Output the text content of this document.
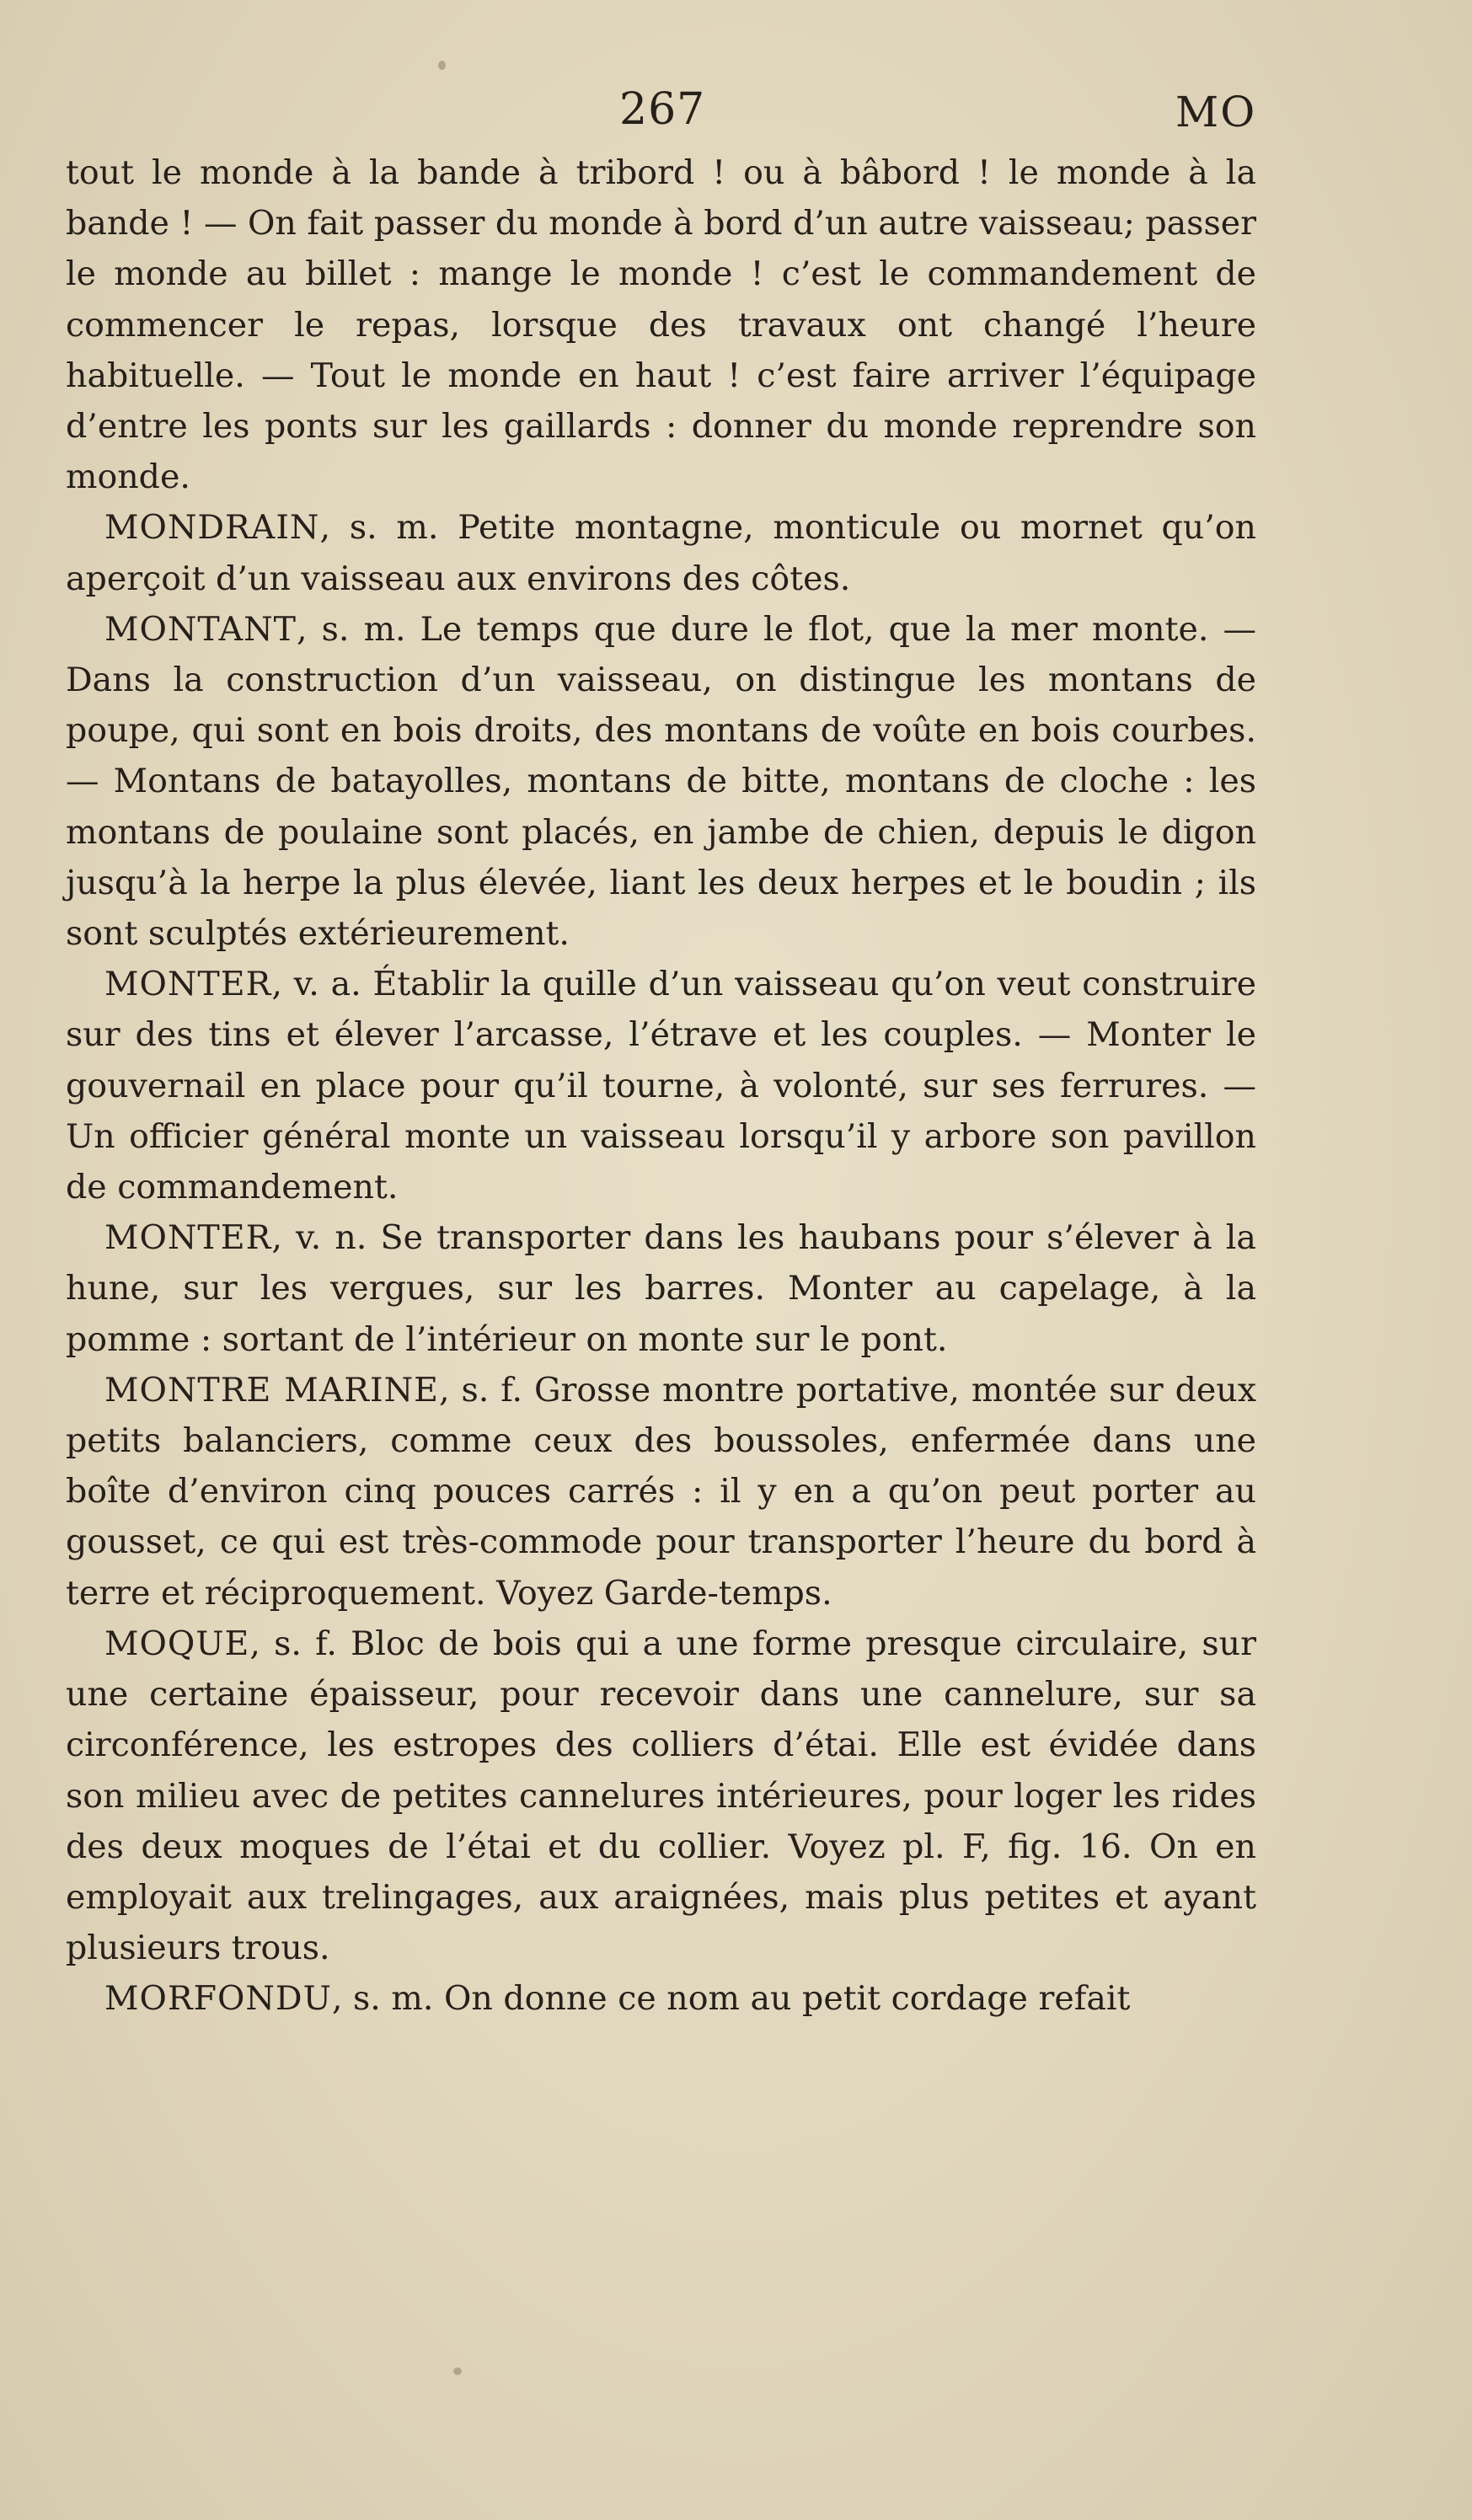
267	MO

tout le monde à la bande à tribord ! ou à bâbord ! le monde à la bande ! — On fait passer du monde à bord d’un autre vaisseau; passer le monde au billet : mange le monde ! c’est le commandement de commencer le repas, lorsque des travaux ont changé l’heure habituelle. — Tout le monde en haut ! c’est faire arriver l’équipage d’entre les ponts sur les gaillards : donner du monde reprendre son monde.

MONDRAIN, s. m. Petite montagne, monticule ou mornet qu’on aperçoit d’un vaisseau aux environs des côtes.

MONTANT, s. m. Le temps que dure le flot, que la mer monte. — Dans la construction d’un vaisseau, on distingue les montans de poupe, qui sont en bois droits, des montans de voûte en bois courbes. — Montans de batayolles, montans de bitte, montans de cloche : les montans de poulaine sont placés, en jambe de chien, depuis le digon jusqu’à la herpe la plus élevée, liant les deux herpes et le boudin ; ils sont sculptés extérieurement.

MONTER, v. a. Établir la quille d’un vaisseau qu’on veut construire sur des tins et élever l’arcasse, l’étrave et les couples. — Monter le gouvernail en place pour qu’il tourne, à volonté, sur ses ferrures. — Un officier général monte un vaisseau lorsqu’il y arbore son pavillon de commandement.

MONTER, v. n. Se transporter dans les haubans pour s’élever à la hune, sur les vergues, sur les barres. Monter au capelage, à la pomme : sortant de l’intérieur on monte sur le pont.

MONTRE MARINE, s. f. Grosse montre portative, montée sur deux petits balanciers, comme ceux des boussoles, enfermée dans une boîte d’environ cinq pouces carrés : il y en a qu’on peut porter au gousset, ce qui est très-commode pour transporter l’heure du bord à terre et réciproquement. Voyez Garde-temps.

MOQUE, s. f. Bloc de bois qui a une forme presque circulaire, sur une certaine épaisseur, pour recevoir dans une cannelure, sur sa circonférence, les estropes des colliers d’étai. Elle est évidée dans son milieu avec de petites cannelures intérieures, pour loger les rides des deux moques de l’étai et du collier. Voyez pl. F, fig. 16. On en employait aux trelingages, aux araignées, mais plus petites et ayant plusieurs trous.

MORFONDU, s. m. On donne ce nom au petit cordage refait
